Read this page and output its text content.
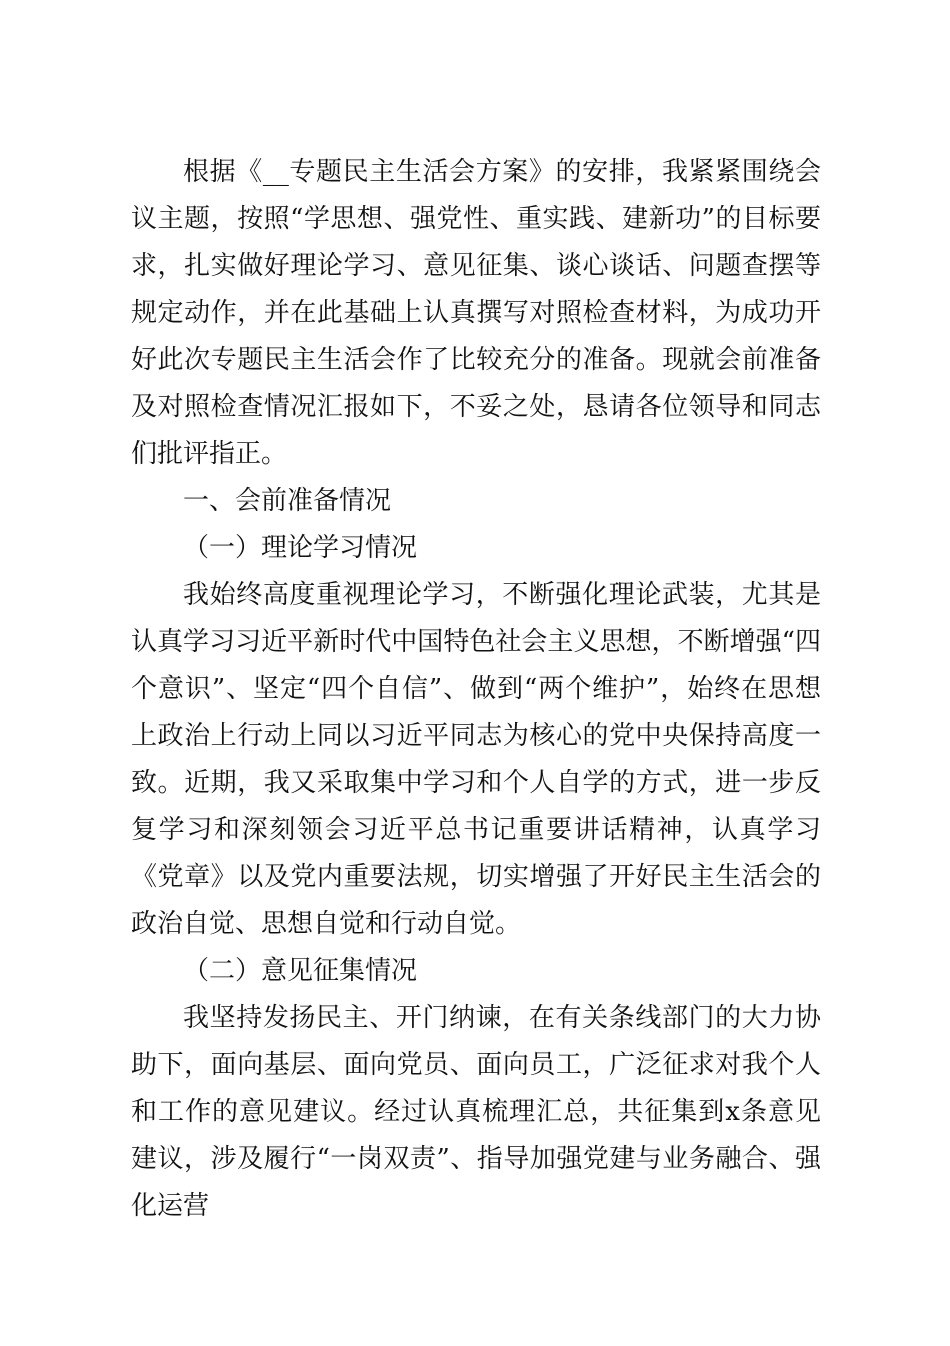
根据《__专题民主生活会方案》的安排，我紧紧围绕会议主题，按照“学思想、强党性、重实践、建新功”的目标要求，扎实做好理论学习、意见征集、谈心谈话、问题查摆等规定动作，并在此基础上认真撰写对照检查材料，为成功开好此次专题民主生活会作了比较充分的准备。现就会前准备及对照检查情况汇报如下，不妥之处，恳请各位领导和同志们批评指正。

一、会前准备情况

（一）理论学习情况

我始终高度重视理论学习，不断强化理论武装，尤其是认真学习习近平新时代中国特色社会主义思想，不断增强“四个意识”、坚定“四个自信”、做到“两个维护”，始终在思想上政治上行动上同以习近平同志为核心的党中央保持高度一致。近期，我又采取集中学习和个人自学的方式，进一步反复学习和深刻领会习近平总书记重要讲话精神，认真学习《党章》以及党内重要法规，切实增强了开好民主生活会的政治自觉、思想自觉和行动自觉。

（二）意见征集情况

我坚持发扬民主、开门纳谏，在有关条线部门的大力协助下，面向基层、面向党员、面向员工，广泛征求对我个人和工作的意见建议。经过认真梳理汇总，共征集到x条意见建议，涉及履行“一岗双责”、指导加强党建与业务融合、强化运营
